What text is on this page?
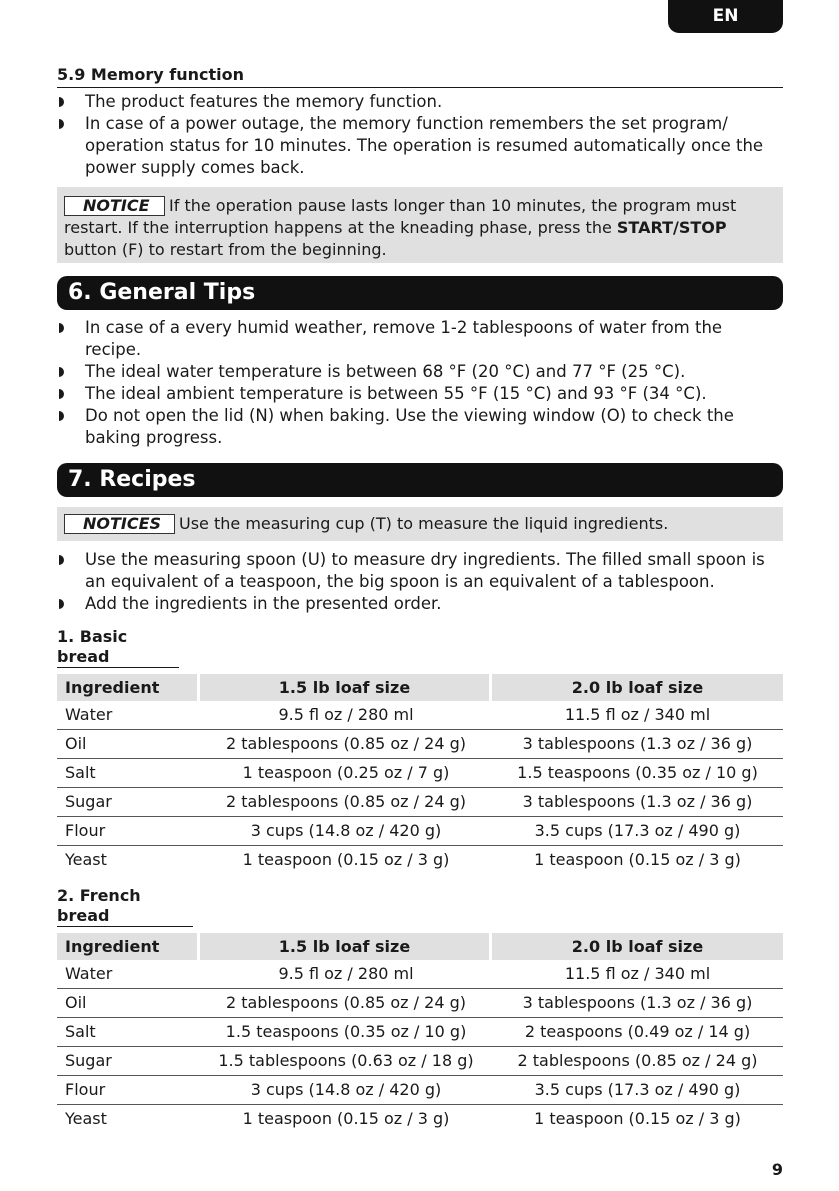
EN
5.9 Memory function
The product features the memory function.
In case of a power outage, the memory function remembers the set program/ operation status for 10 minutes. The operation is resumed automatically once the power supply comes back.
NOTICE If the operation pause lasts longer than 10 minutes, the program must restart. If the interruption happens at the kneading phase, press the START/STOP button (F) to restart from the beginning.
6. General Tips
In case of a every humid weather, remove 1-2 tablespoons of water from the recipe.
The ideal water temperature is between 68 °F (20 °C) and 77 °F (25 °C).
The ideal ambient temperature is between 55 °F (15 °C) and 93 °F (34 °C).
Do not open the lid (N) when baking. Use the viewing window (O) to check the baking progress.
7. Recipes
NOTICES Use the measuring cup (T) to measure the liquid ingredients.
Use the measuring spoon (U) to measure dry ingredients. The filled small spoon is an equivalent of a teaspoon, the big spoon is an equivalent of a tablespoon.
Add the ingredients in the presented order.
1. Basic bread
Ingredient	1.5 lb loaf size	2.0 lb loaf size
Water	9.5 fl oz / 280 ml	11.5 fl oz / 340 ml
Oil	2 tablespoons (0.85 oz / 24 g)	3 tablespoons (1.3 oz / 36 g)
Salt	1 teaspoon (0.25 oz / 7 g)	1.5 teaspoons (0.35 oz / 10 g)
Sugar	2 tablespoons (0.85 oz / 24 g)	3 tablespoons (1.3 oz / 36 g)
Flour	3 cups (14.8 oz / 420 g)	3.5 cups (17.3 oz / 490 g)
Yeast	1 teaspoon (0.15 oz / 3 g)	1 teaspoon (0.15 oz / 3 g)
2. French bread
Ingredient	1.5 lb loaf size	2.0 lb loaf size
Water	9.5 fl oz / 280 ml	11.5 fl oz / 340 ml
Oil	2 tablespoons (0.85 oz / 24 g)	3 tablespoons (1.3 oz / 36 g)
Salt	1.5 teaspoons (0.35 oz / 10 g)	2 teaspoons (0.49 oz / 14 g)
Sugar	1.5 tablespoons (0.63 oz / 18 g)	2 tablespoons (0.85 oz / 24 g)
Flour	3 cups (14.8 oz / 420 g)	3.5 cups (17.3 oz / 490 g)
Yeast	1 teaspoon (0.15 oz / 3 g)	1 teaspoon (0.15 oz / 3 g)
9
